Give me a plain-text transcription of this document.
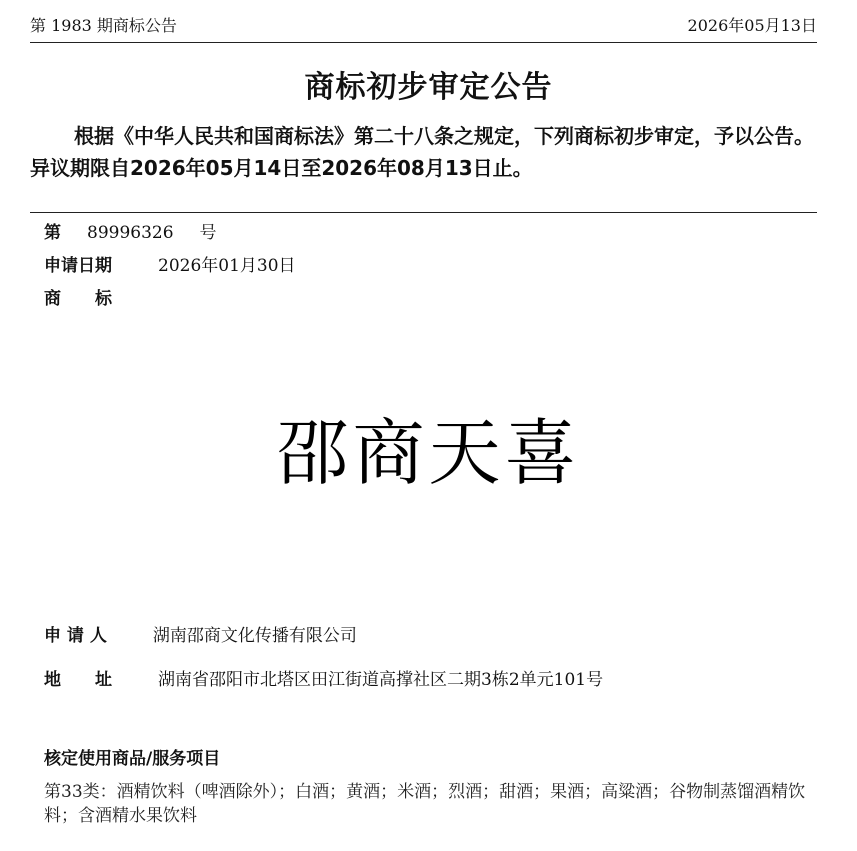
第 1983 期商标公告	2026年05月13日
商标初步审定公告
根据《中华人民共和国商标法》第二十八条之规定，下列商标初步审定，予以公告。异议期限自2026年05月14日至2026年08月13日止。
第 89996326 号
申请日期	2026年01月30日
商　　标
邵商天喜
申 请 人	湖南邵商文化传播有限公司
地　　址	湖南省邵阳市北塔区田江街道高撑社区二期3栋2单元101号
核定使用商品/服务项目
第33类：酒精饮料（啤酒除外）；白酒；黄酒；米酒；烈酒；甜酒；果酒；高粱酒；谷物制蒸馏酒精饮料；含酒精水果饮料
